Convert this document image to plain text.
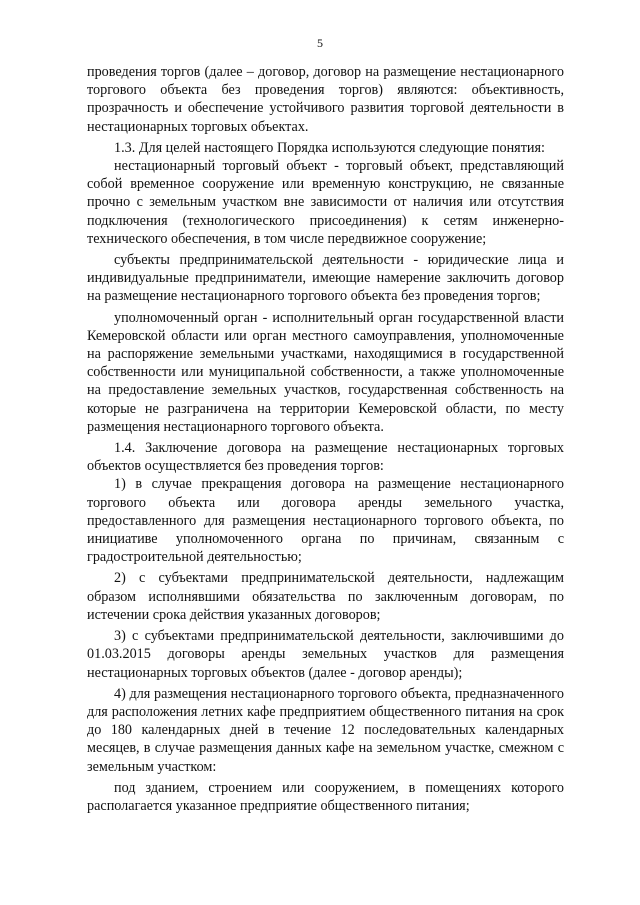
5

проведения торгов (далее – договор, договор на размещение нестационарного торгового объекта без проведения торгов) являются: объективность, прозрачность и обеспечение устойчивого развития торговой деятельности в нестационарных торговых объектах.

1.3. Для целей настоящего Порядка используются следующие понятия:

нестационарный торговый объект - торговый объект, представляющий собой временное сооружение или временную конструкцию, не связанные прочно с земельным участком вне зависимости от наличия или отсутствия подключения (технологического присоединения) к сетям инженерно-технического обеспечения, в том числе передвижное сооружение;

субъекты предпринимательской деятельности - юридические лица и индивидуальные предприниматели, имеющие намерение заключить договор на размещение нестационарного торгового объекта без проведения торгов;

уполномоченный орган - исполнительный орган государственной власти Кемеровской области или орган местного самоуправления, уполномоченные на распоряжение земельными участками, находящимися в государственной собственности или муниципальной собственности, а также уполномоченные на предоставление земельных участков, государственная собственность на которые не разграничена на территории Кемеровской области, по месту размещения нестационарного торгового объекта.

1.4. Заключение договора на размещение нестационарных торговых объектов осуществляется без проведения торгов:

1) в случае прекращения договора на размещение нестационарного торгового объекта или договора аренды земельного участка, предоставленного для размещения нестационарного торгового объекта, по инициативе уполномоченного органа по причинам, связанным с градостроительной деятельностью;

2) с субъектами предпринимательской деятельности, надлежащим образом исполнявшими обязательства по заключенным договорам, по истечении срока действия указанных договоров;

3) с субъектами предпринимательской деятельности, заключившими до 01.03.2015 договоры аренды земельных участков для размещения нестационарных торговых объектов (далее - договор аренды);

4) для размещения нестационарного торгового объекта, предназначенного для расположения летних кафе предприятием общественного питания на срок до 180 календарных дней в течение 12 последовательных календарных месяцев, в случае размещения данных кафе на земельном участке, смежном с земельным участком:

под зданием, строением или сооружением, в помещениях которого располагается указанное предприятие общественного питания;
